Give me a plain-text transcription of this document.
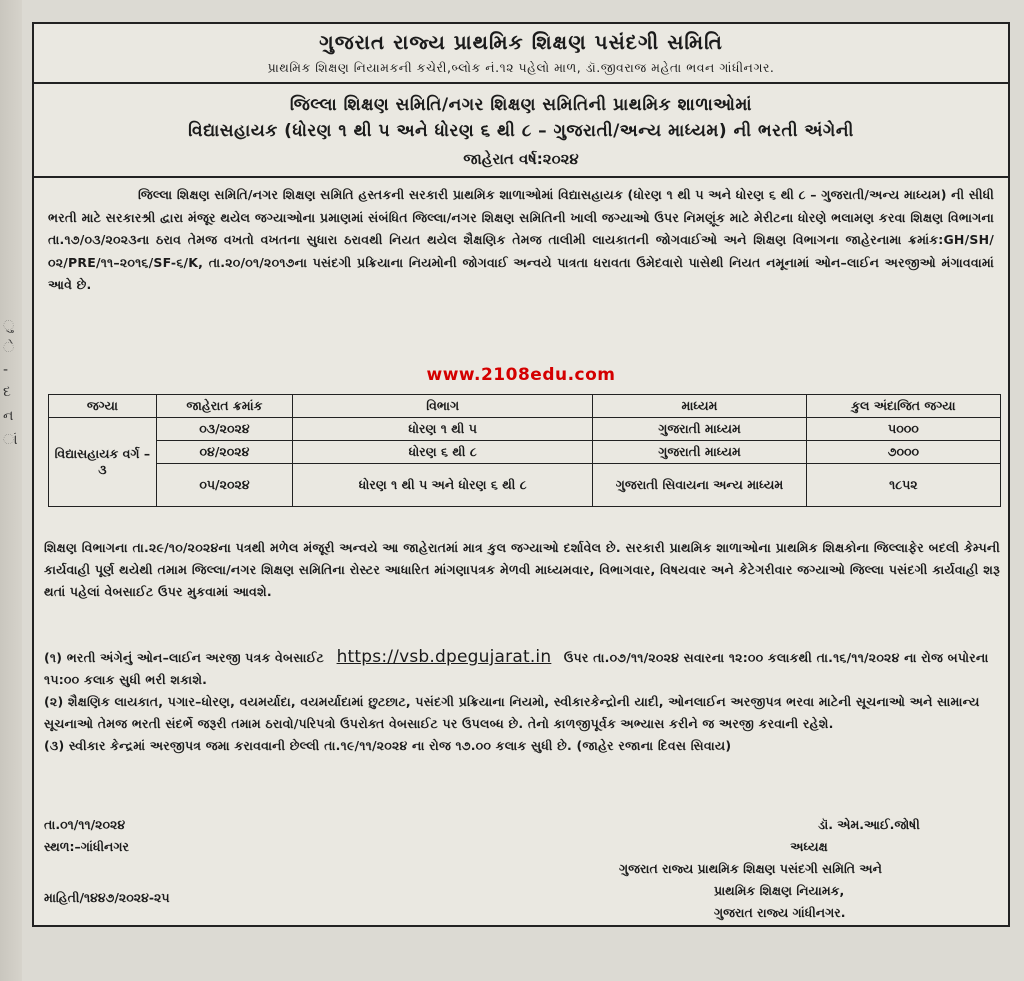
ુ
ે
-
દ
ન
ાં
ગુજરાત રાજ્ય પ્રાથમિક શિક્ષણ પસંદગી સમિતિ
પ્રાથમિક શિક્ષણ નિયામકની કચેરી,બ્લોક નં.૧૨ પહેલો માળ, ડૉ.જીવરાજ મહેતા ભવન ગાંધીનગર.
જિલ્લા શિક્ષણ સમિતિ/નગર શિક્ષણ સમિતિની પ્રાથમિક શાળાઓમાં
વિદ્યાસહાયક (ધોરણ ૧ થી ૫ અને ધોરણ ૬ થી ૮ – ગુજરાતી/અન્ય માધ્યમ) ની ભરતી અંગેની
જાહેરાત વર્ષ:૨૦૨૪
જિલ્લા શિક્ષણ સમિતિ/નગર શિક્ષણ સમિતિ હસ્તકની સરકારી પ્રાથમિક શાળાઓમાં વિદ્યાસહાયક (ધોરણ ૧ થી ૫ અને ધોરણ ૬ થી ૮ – ગુજરાતી/અન્ય માધ્યમ) ની સીધી ભરતી માટે સરકારશ્રી દ્વારા મંજૂર થયેલ જગ્યાઓના પ્રમાણમાં સંબંધિત જિલ્લા/નગર શિક્ષણ સમિતિની ખાલી જગ્યાઓ ઉપર નિમણૂંક માટે મેરીટના ધોરણે ભલામણ કરવા શિક્ષણ વિભાગના તા.૧૭/૦૩/૨૦૨૩ના ઠરાવ તેમજ વખતો વખતના સુધારા ઠરાવથી નિયત થયેલ શૈક્ષણિક તેમજ તાલીમી લાયકાતની જોગવાઈઓ અને શિક્ષણ વિભાગના જાહેરનામા ક્રમાંક:GH/SH/૦૨/PRE/૧૧–૨૦૧૬/SF-૬/K, તા.૨૦/૦૧/૨૦૧૭ના પસંદગી પ્રક્રિયાના નિયમોની જોગવાઈ અન્વયે પાત્રતા ધરાવતા ઉમેદવારો પાસેથી નિયત નમૂનામાં ઓન–લાઈન અરજીઓ મંગાવવામાં આવે છે.
www.2108edu.com
જગ્યા	જાહેરાત ક્રમાંક	વિભાગ	માધ્યમ	કુલ અંદાજિત જગ્યા
વિદ્યાસહાયક વર્ગ – ૩	૦૩/૨૦૨૪	ધોરણ ૧ થી ૫	ગુજરાતી માધ્યમ	૫૦૦૦
	૦૪/૨૦૨૪	ધોરણ ૬ થી ૮	ગુજરાતી માધ્યમ	૭૦૦૦
	૦૫/૨૦૨૪	ધોરણ ૧ થી ૫ અને ધોરણ ૬ થી ૮	ગુજરાતી સિવાયના અન્ય માધ્યમ	૧૮૫૨
શિક્ષણ વિભાગના તા.૨૯/૧૦/૨૦૨૪ના પત્રથી મળેલ મંજૂરી અન્વયે આ જાહેરાતમાં માત્ર કુલ જગ્યાઓ દર્શાવેલ છે. સરકારી પ્રાથમિક શાળાઓના પ્રાથમિક શિક્ષકોના જિલ્લાફેર બદલી કેમ્પની કાર્યવાહી પૂર્ણ થયેથી તમામ જિલ્લા/નગર શિક્ષણ સમિતિના રોસ્ટર આધારિત માંગણાપત્રક મેળવી માધ્યમવાર, વિભાગવાર, વિષયવાર અને કેટેગરીવાર જગ્યાઓ જિલ્લા પસંદગી કાર્યવાહી શરૂ થતાં પહેલાં વેબસાઈટ ઉપર મુકવામાં આવશે.
(૧) ભરતી અંગેનું ઓન–લાઈન અરજી પત્રક વેબસાઈટ https://vsb.dpegujarat.in ઉપર તા.૦૭/૧૧/૨૦૨૪ સવારના ૧૨:૦૦ કલાકથી તા.૧૬/૧૧/૨૦૨૪ ના રોજ બપોરના ૧૫:૦૦ કલાક સુધી ભરી શકાશે.
(૨) શૈક્ષણિક લાયકાત, પગાર–ધોરણ, વયમર્યાદા, વયમર્યાદામાં છુટછાટ, પસંદગી પ્રક્રિયાના નિયમો, સ્વીકારકેન્દ્રોની યાદી, ઓનલાઈન અરજીપત્ર ભરવા માટેની સૂચનાઓ અને સામાન્ય સૂચનાઓ તેમજ ભરતી સંદર્ભે જરૂરી તમામ ઠરાવો/પરિપત્રો ઉપરોક્ત વેબસાઈટ પર ઉપલબ્ધ છે. તેનો કાળજીપૂર્વક અભ્યાસ કરીને જ અરજી કરવાની રહેશે.
(૩) સ્વીકાર કેન્દ્રમાં અરજીપત્ર જમા કરાવવાની છેલ્લી તા.૧૯/૧૧/૨૦૨૪ ના રોજ ૧૭.૦૦ કલાક સુધી છે. (જાહેર રજાના દિવસ સિવાય)
તા.૦૧/૧૧/૨૦૨૪
સ્થળ:–ગાંધીનગર
ડૉ. એમ.આઈ.જોષી
અધ્યક્ષ
ગુજરાત રાજ્ય પ્રાથમિક શિક્ષણ પસંદગી સમિતિ અને
પ્રાથમિક શિક્ષણ નિયામક,
ગુજરાત રાજ્ય ગાંધીનગર.
માહિતી/૧૪૪૭/૨૦૨૪-૨૫
